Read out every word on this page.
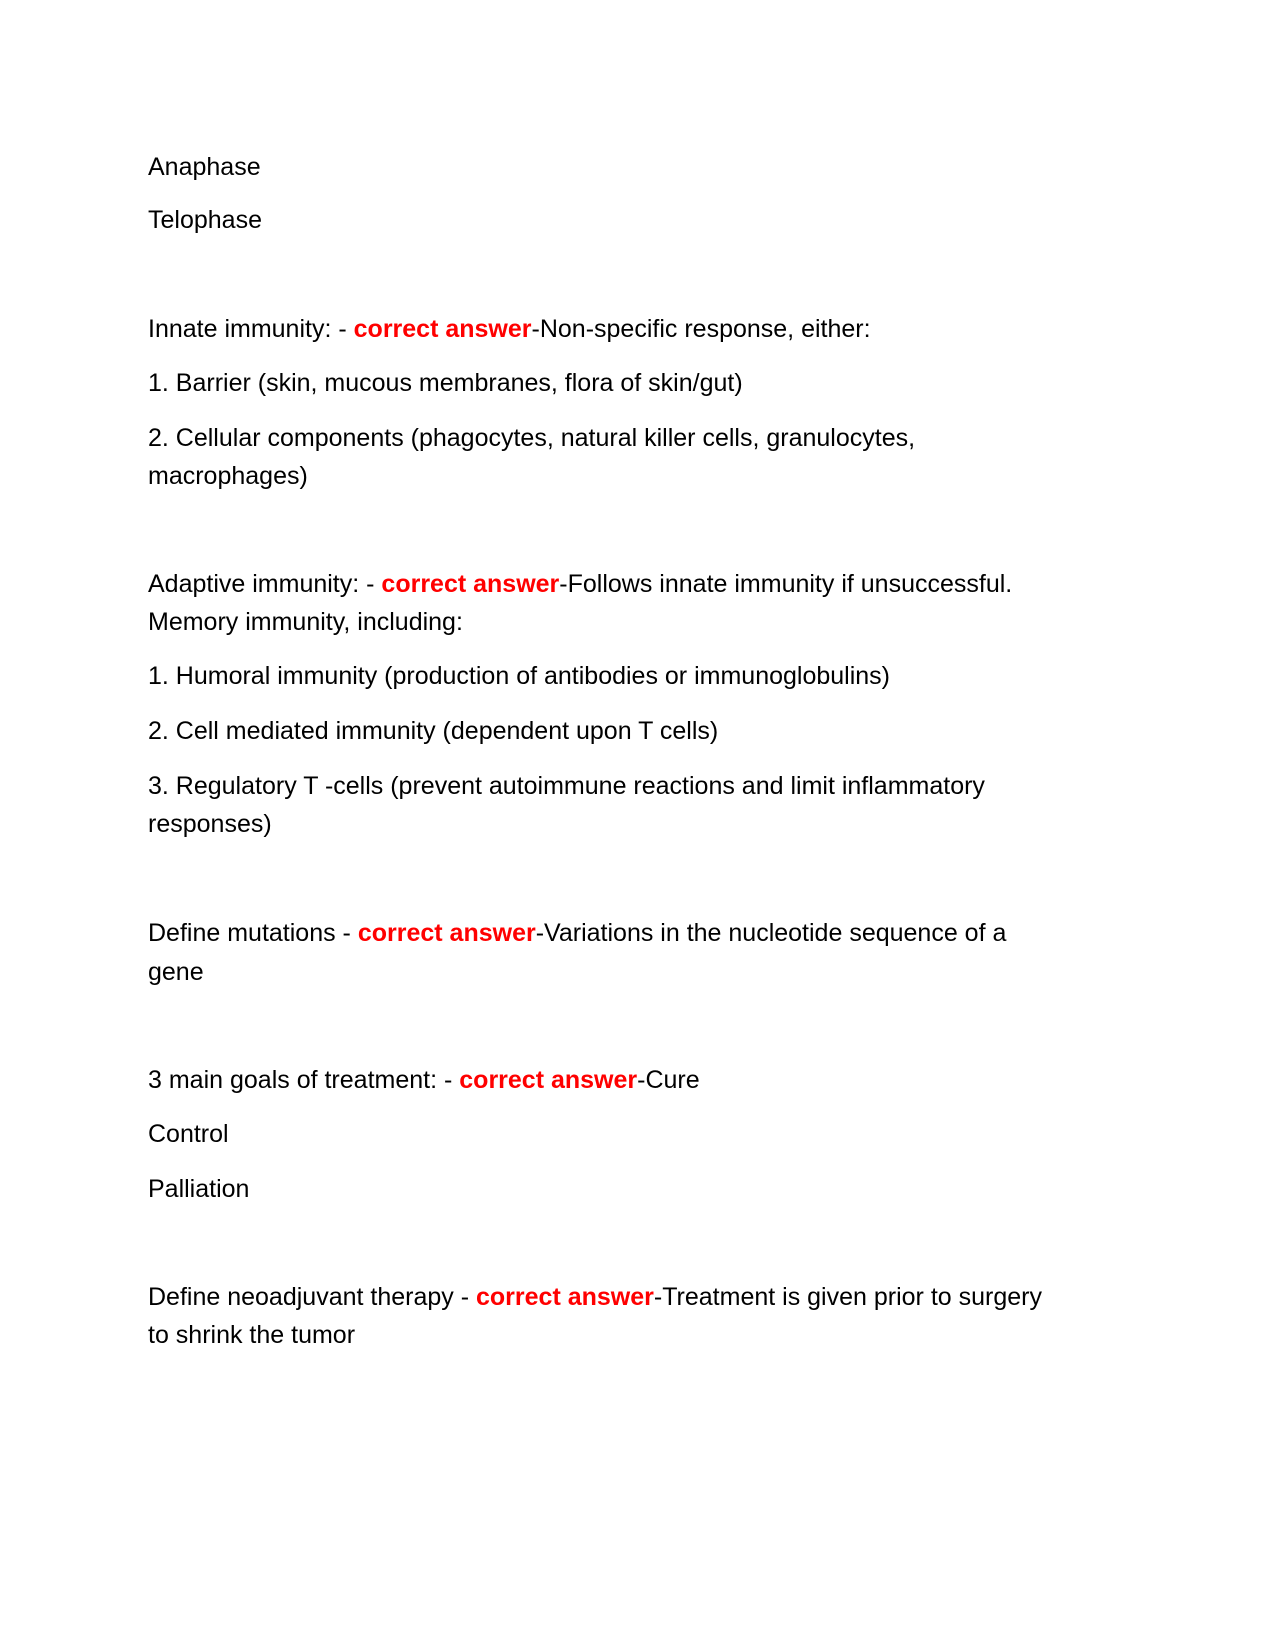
Anaphase
Telophase
Innate immunity: - correct answer-Non-specific response, either:
1. Barrier (skin, mucous membranes, flora of skin/gut)
2. Cellular components (phagocytes, natural killer cells, granulocytes,
macrophages)
Adaptive immunity: - correct answer-Follows innate immunity if unsuccessful.
Memory immunity, including:
1. Humoral immunity (production of antibodies or immunoglobulins)
2. Cell mediated immunity (dependent upon T cells)
3. Regulatory T -cells (prevent autoimmune reactions and limit inflammatory
responses)
Define mutations - correct answer-Variations in the nucleotide sequence of a
gene
3 main goals of treatment: - correct answer-Cure
Control
Palliation
Define neoadjuvant therapy - correct answer-Treatment is given prior to surgery
to shrink the tumor
